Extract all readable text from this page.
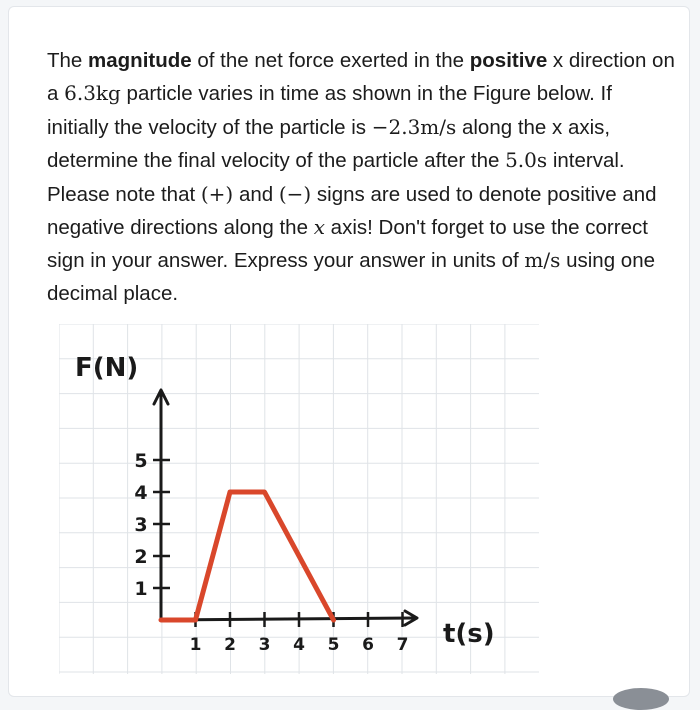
The magnitude of the net force exerted in the positive x direction on a 6.3kg particle varies in time as shown in the Figure below. If initially the velocity of the particle is −2.3m/s along the x axis, determine the final velocity of the particle after the 5.0s interval. Please note that (+) and (−) signs are used to denote positive and negative directions along the x axis! Don't forget to use the correct sign in your answer. Express your answer in units of m/s using one decimal place.
1
2
3
4
5
1 2 3 4 5 6 7
F(N)
t(s)
